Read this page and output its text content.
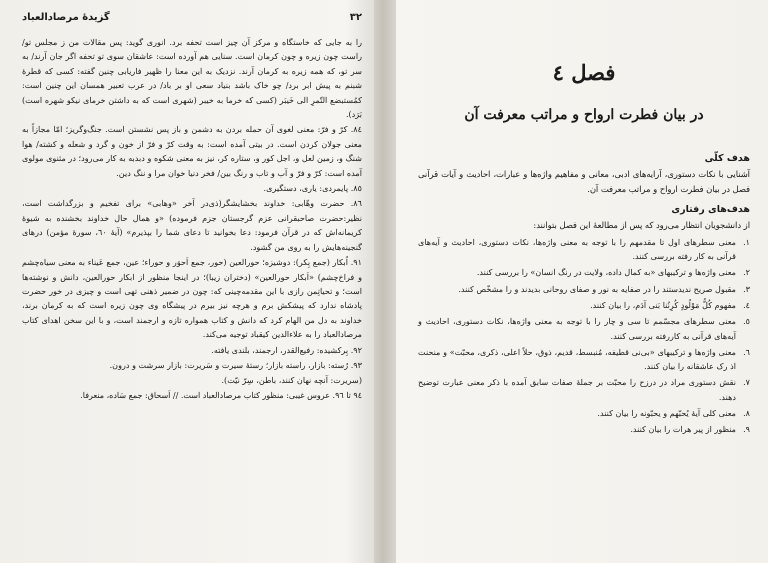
٣٢
گزیدهٔ مرصادالعباد

را به جایی که خاستگاه و مرکز آن چیز است تحفه برد. انوری گوید: پس مقالات من ز مجلس تو/ راست چون زیره و چون کرمان است. سنایی هم آورده است: عاشقان سوی تو تحفه اگر جان آرند/ به سر تو، که همه زیره به کرمان آرند. نزدیک به این معنا را ظهیر فاریابی چنین گفته: کسی که قطرهٔ شبنم به پیش ابر برد/ چو خاک باشد بنیاد سعی او بر باد/ در عرب تعبیر همسان این چنین است: کمُستبضع التّمرِ الی خَیبَر (کسی که خرما به خیبر (شهری است که به داشتن خرمای نیکو شهره است) بَرَد).

٨٤. کرّ و فرّ: معنی لغوی آن حمله بردن به دشمن و باز پس نشستن است. جنگ‌وگریز؛ امّا مجازاً به معنی جولان کردن است. در بیتی آمده است: به وقت کرّ و فرّ از خون و گرد و شعله و کشته/ هوا شنگ و، زمین لعل و، اجل کور و، ستاره کر، نیز به معنی شکوه و دبدبه به کار می‌رود؛ در مثنوی مولوی آمده است: کرّ و فرّ و آب و تاب و رنگ بین/ فخر دنیا خوان مرا و ننگ دین.

٨٥. پایمردی: یاری، دستگیری.

٨٦. حضرت وهّابی: خداوند بخشایشگر(ذی‌در آخر «وهابی» برای تفخیم و بزرگداشت است، نظیر:حضرت صاحبقرانی عزم گرجستان جزم فرموده) «و همال حال خداوند بخشنده به شیوهٔ کریمانه‌اش که در قرآن فرمود: دعا بخوانید تا دعای شما را بپذیرم» (آیهٔ ٦٠، سورهٔ مؤمن) درهای گنجینه‌هایش را به روی من گشود.

٩١. اُبکار (جمع بِکر): دوشیزه؛ حورالعین (حور، جمع اَحوَر و حوراء؛ عین، جمع عَیناء به معنی سیاه‌چشم و فراخ‌چشم) «اَبکار حورالعین» (دختران زیبا)؛ در اینجا منظور از ابکار حورالعین، دانش و نوشته‌ها است؛ و تحیاتِمن رازی با این مقدمه‌چینی که: چون در ضمیر ذهنی تهی است و چیزی در خور حضرت پادشاه ندارد که پیشکش برم و هرچه نیز بیرم در پیشگاه وی چون زیره است که به کرمان برند، خداوند به دل من الهام کرد که دانش و کتاب همواره تازه و ارجمند است، و با این سخن اهدای کتاب مرصادالعباد را به علاءالدین کیقباد توجیه می‌کند.

٩٢. بِرکشیده: رفیع‌القدر، ارجمند، بلندی یافته.

٩٣. رُسته: بازار، راسته بازار؛ رستهٔ سیرت و سَریرت: بازار سرشت و درون.

(سریرت: آنچه نهان کنند، باطن، سِرّ نیّت).

٩٤ تا ٩٦. عروس غیبی: منظور کتاب مرصادالعباد است. // اَسحاق: جمع سَاده، منعرفا.

فصل ٤
در بیان فطرت ارواح و مراتب معرفت آن
هدف کلّی

آشنایی با نکات دستوری، آرایه‌های ادبی، معانی و مفاهیم واژه‌ها و عبارات، احادیث و آیات قرآنی فصل در بیان فطرت ارواح و مراتب معرفت آن.

هدف‌های رفتاری

از دانشجویان انتظار می‌رود که پس از مطالعهٔ این فصل بتوانند:

١.
معنی سطرهای اول تا مقدمهم را با توجه به معنی واژه‌ها، نکات دستوری، احادیث و آیه‌های قرآنی به کار رفته بررسی کنند.
٢.
معنی واژه‌ها و ترکیبهای «به کمال داده، ولایت در رنگ انسان» را بررسی کنند.
٣.
مقبول صریح ندیدستند را در صفایه به نور و صفای روحانی بدیدند و را مشخّص کنند.
٤.
مفهوم کُلُّ مَوْلُودٍ کُرِنُنا بَنی آدَم، را بیان کنند.
٥.
معنی سطرهای مجسّمم تا سی و چار را با توجه به معنی واژه‌ها، نکات دستوری، احادیث و آیه‌های قرآنی به کاررفته بررسی کنند.
٦.
معنی واژه‌ها و ترکیبهای «بی‌نی قطیفه، مُنبسط، قدیم، ذوق، حلاً اعلی، ذکری، محبّت» و منحنت اذ رک عاشقانه را بیان کنند.
٧.
نقش دستوری مراد در درزح را محبّت بر جملهٔ صفات سابق آمده با ذکر معنی عبارت توضیح دهند.
٨.
معنی کلی آیهٔ یُحبّهم و یحبّونه را بیان کنند.
٩.
منظور از پیر هرات را بیان کنند.
